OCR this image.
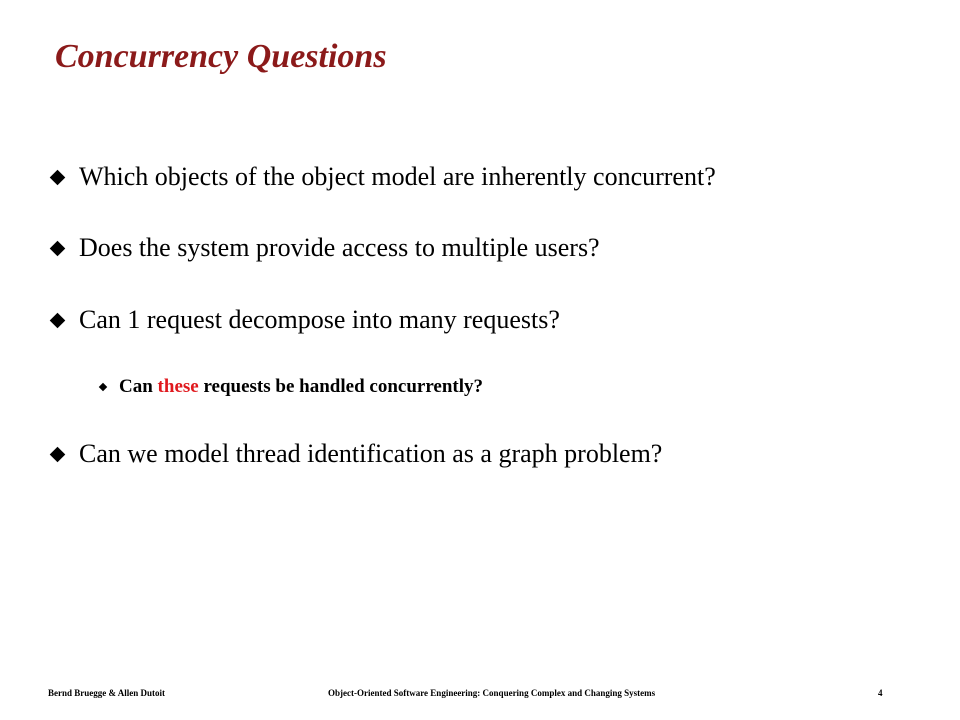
Concurrency Questions
Which objects of the object model are inherently concurrent?
Does the system provide access to multiple users?
Can 1 request decompose into many requests?
Can these requests be handled concurrently?
Can we model thread identification as a graph problem?
Bernd Bruegge & Allen Dutoit	Object-Oriented Software Engineering: Conquering Complex and Changing Systems	4
